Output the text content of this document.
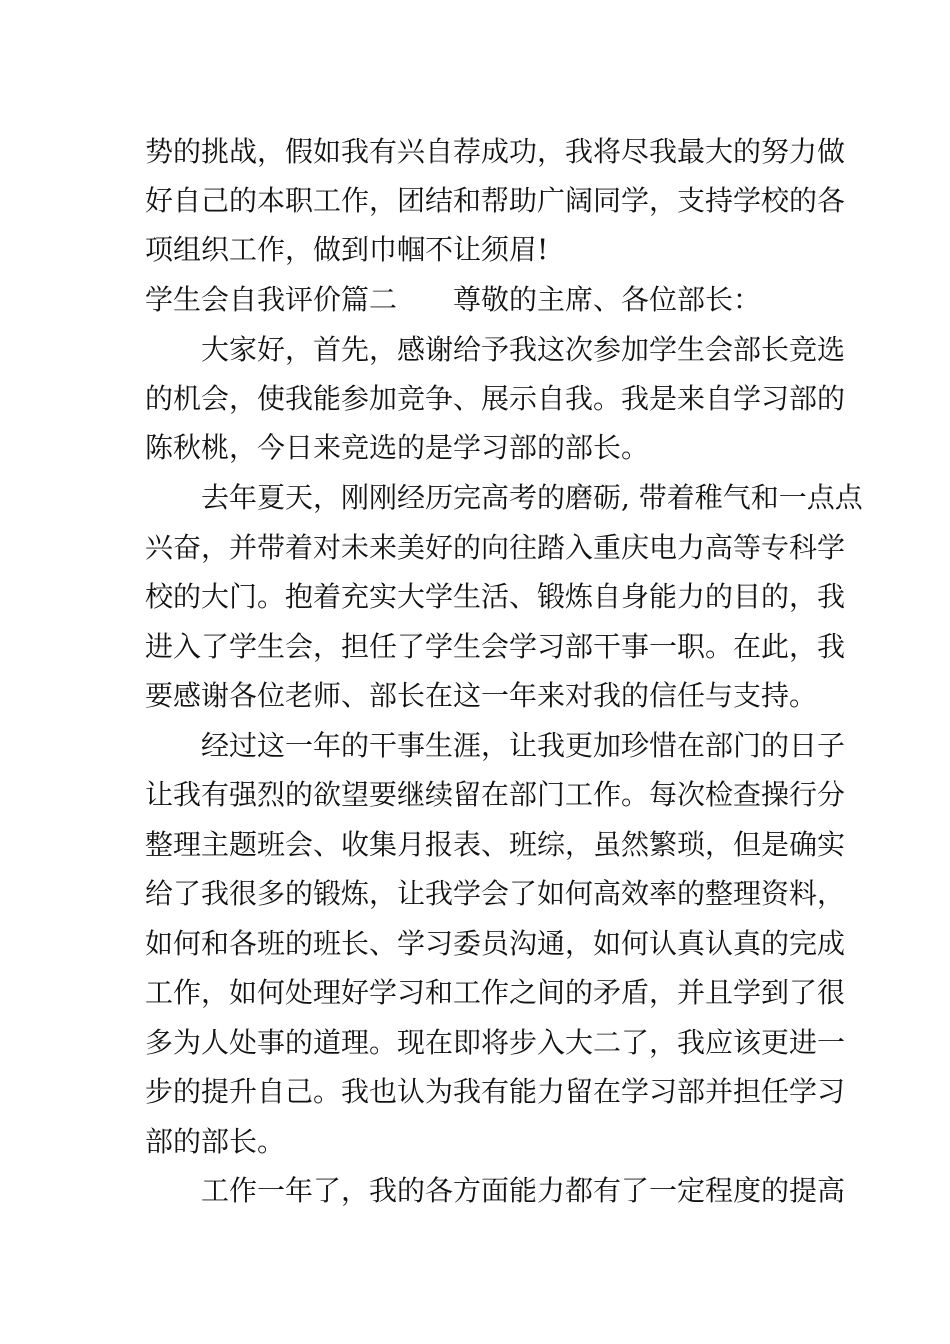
势的挑战，假如我有兴自荐成功，我将尽我最大的努力做
好自己的本职工作，团结和帮助广阔同学，支持学校的各
项组织工作，做到巾帼不让须眉!
学生会自我评价篇二 尊敬的主席、各位部长：
大家好，首先，感谢给予我这次参加学生会部长竞选
的机会，使我能参加竞争、展示自我。我是来自学习部的
陈秋桃，今日来竞选的是学习部的部长。
去年夏天，刚刚经历完高考的磨砺, 带着稚气和一点点
兴奋，并带着对未来美好的向往踏入重庆电力高等专科学
校的大门。抱着充实大学生活、锻炼自身能力的目的，我
进入了学生会，担任了学生会学习部干事一职。在此，我
要感谢各位老师、部长在这一年来对我的信任与支持。
经过这一年的干事生涯，让我更加珍惜在部门的日子
让我有强烈的欲望要继续留在部门工作。每次检查操行分
整理主题班会、收集月报表、班综，虽然繁琐，但是确实
给了我很多的锻炼，让我学会了如何高效率的整理资料，
如何和各班的班长、学习委员沟通，如何认真认真的完成
工作，如何处理好学习和工作之间的矛盾，并且学到了很
多为人处事的道理。现在即将步入大二了，我应该更进一
步的提升自己。我也认为我有能力留在学习部并担任学习
部的部长。
工作一年了，我的各方面能力都有了一定程度的提高
